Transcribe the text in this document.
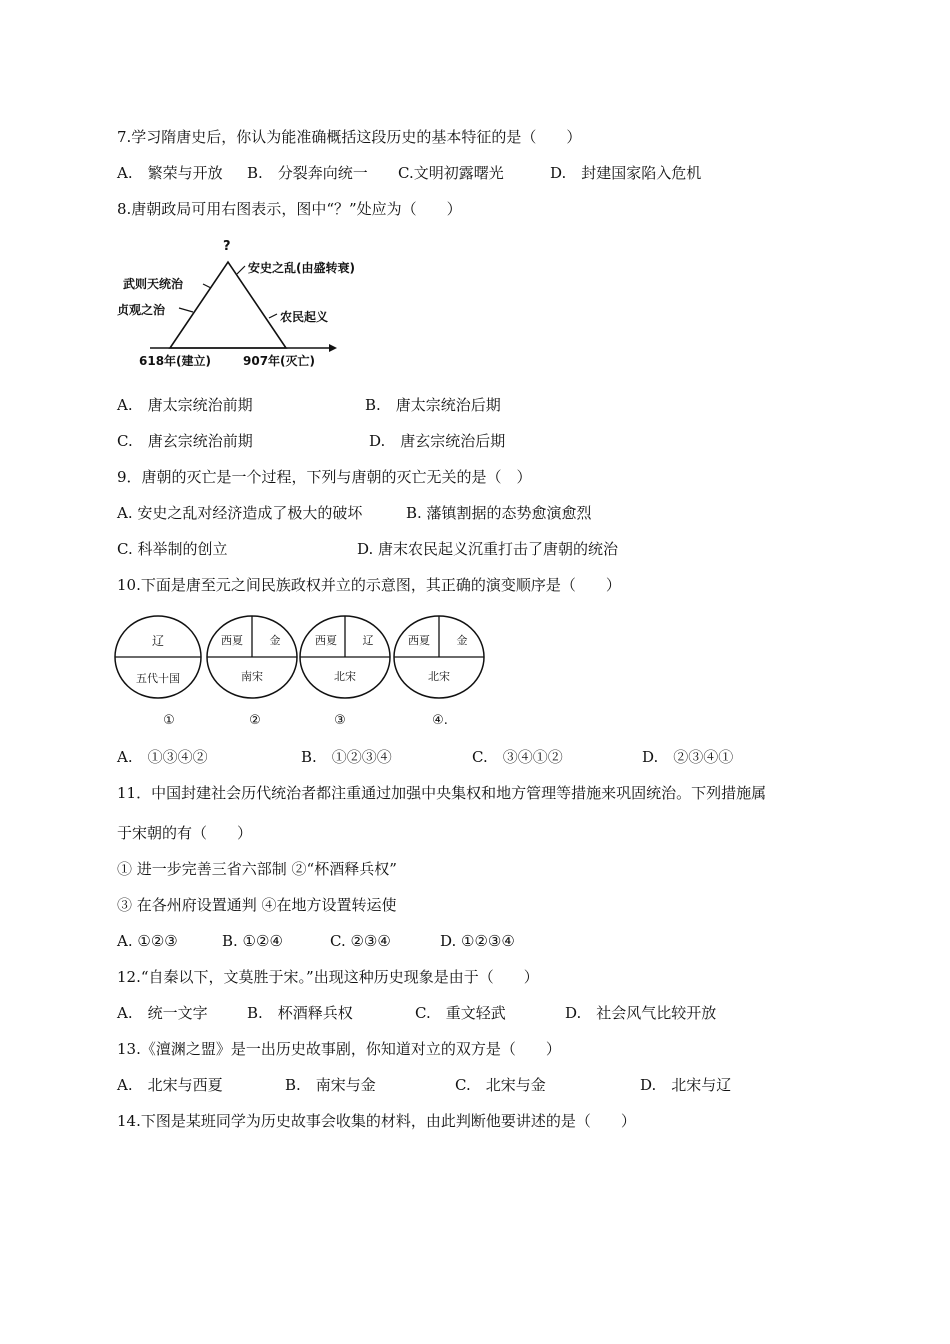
7.学习隋唐史后，你认为能准确概括这段历史的基本特征的是（　　）
A.　繁荣与开放 B.　分裂奔向统一 C.文明初露曙光	D.　封建国家陷入危机
8.唐朝政局可用右图表示，图中“？”处应为（　　）
?
武则天统治
贞观之治
安史之乱(由盛转衰)
农民起义
618年(建立)	907年(灭亡)
A.　唐太宗统治前期	B.　唐太宗统治后期
C.　唐玄宗统治前期	D.　唐玄宗统治后期
9．唐朝的灭亡是一个过程，下列与唐朝的灭亡无关的是（　）
A. 安史之乱对经济造成了极大的破坏	B. 藩镇割据的态势愈演愈烈
C. 科举制的创立	D. 唐末农民起义沉重打击了唐朝的统治
10.下面是唐至元之间民族政权并立的示意图，其正确的演变顺序是（　　）
辽
五代十国
①
西夏 金
南宋
②
西夏 辽
北宋
③
西夏 金
北宋
④.
A.　①③④②	B.　①②③④	C.　③④①②	D.　②③④①
11．中国封建社会历代统治者都注重通过加强中央集权和地方管理等措施来巩固统治。下列措施属
于宋朝的有（　　）
① 进一步完善三省六部制 ②“杯酒释兵权”
③ 在各州府设置通判 ④在地方设置转运使
A. ①②③	B. ①②④	C. ②③④	D. ①②③④
12.“自秦以下，文莫胜于宋。”出现这种历史现象是由于（　　）
A.　统一文字	B.　杯酒释兵权	C.　重文轻武	D.　社会风气比较开放
13.《澶渊之盟》是一出历史故事剧，你知道对立的双方是（　　）
A.　北宋与西夏	B.　南宋与金	C.　北宋与金	D.　北宋与辽
14.下图是某班同学为历史故事会收集的材料，由此判断他要讲述的是（　　）
